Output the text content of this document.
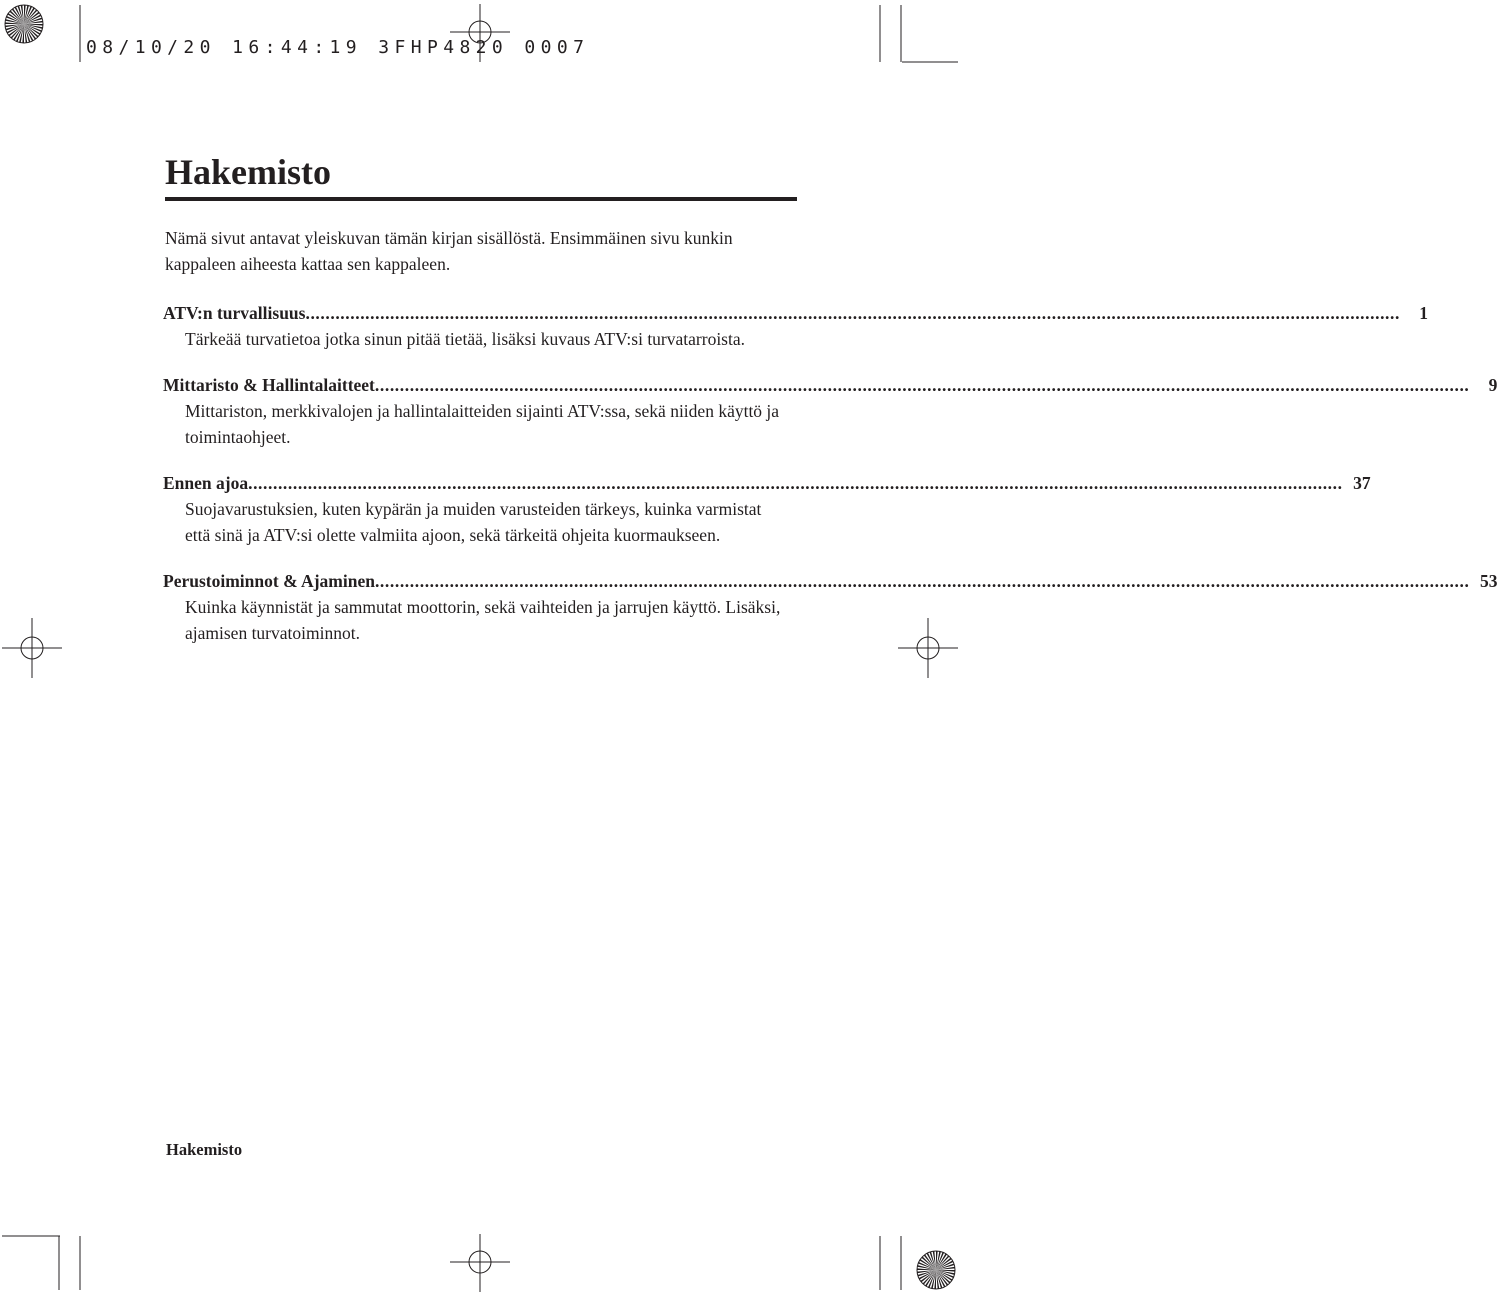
08/10/20 16:44:19 3FHP4820 0007
Hakemisto

Nämä sivut antavat yleiskuvan tämän kirjan sisällöstä. Ensimmäinen sivu kunkin kappaleen aiheesta kattaa sen kappaleen.

ATV:n turvallisuus ............................................................................................................................................................................................................................	1

Tärkeää turvatietoa jotka sinun pitää tietää, lisäksi kuvaus ATV:si turvatarroista.

Mittaristo & Hallintalaitteet ............................................................................................................................................................................................................................	9

Mittariston, merkkivalojen ja hallintalaitteiden sijainti ATV:ssa, sekä niiden käyttö ja toimintaohjeet.

Ennen ajoa ............................................................................................................................................................................................................................ 37

Suojavarustuksien, kuten kypärän ja muiden varusteiden tärkeys, kuinka varmistat että sinä ja ATV:si olette valmiita ajoon, sekä tärkeitä ohjeita kuormaukseen.

Perustoiminnot & Ajaminen ............................................................................................................................................................................................................................ 53

Kuinka käynnistät ja sammutat moottorin, sekä vaihteiden ja jarrujen käyttö. Lisäksi, ajamisen turvatoiminnot.

Hakemisto
